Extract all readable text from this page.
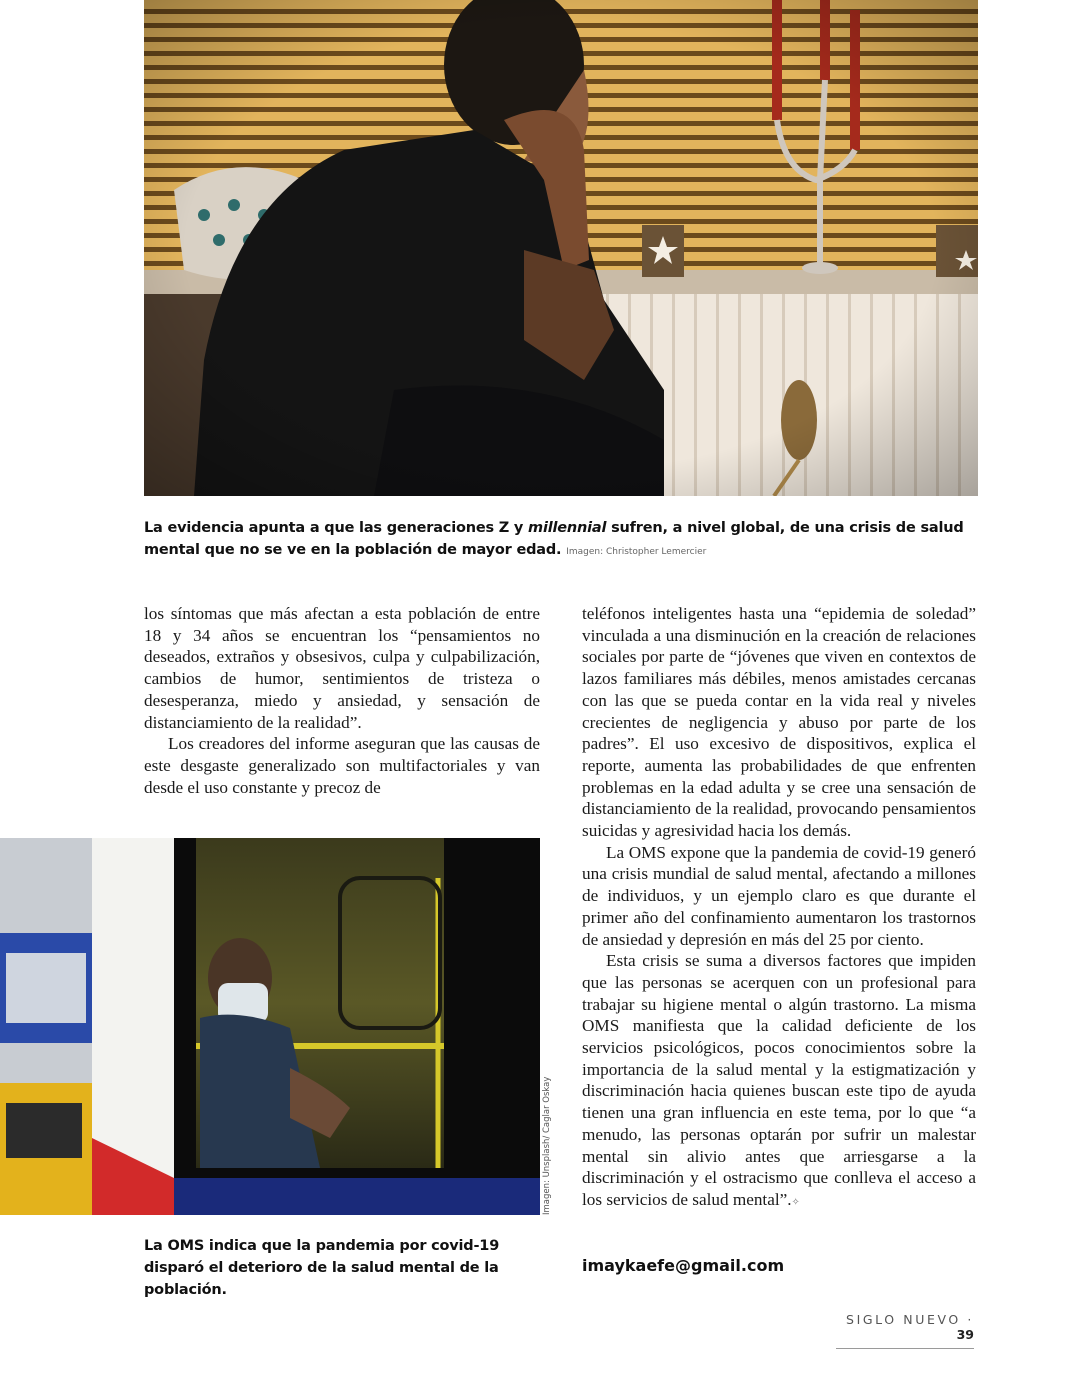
La evidencia apunta a que las generaciones Z y millennial sufren, a nivel global, de una crisis de salud mental que no se ve en la población de mayor edad. Imagen: Christopher Lemercier

los síntomas que más afectan a esta población de entre 18 y 34 años se encuentran los “pensamientos no deseados, extraños y obsesivos, culpa y culpabilización, cambios de humor, sentimientos de tristeza o desesperanza, miedo y ansiedad, y sensación de distanciamiento de la realidad”.

Los creadores del informe aseguran que las causas de este desgaste generalizado son multifactoriales y van desde el uso constante y precoz de

teléfonos inteligentes hasta una “epidemia de soledad” vinculada a una disminución en la creación de relaciones sociales por parte de “jóvenes que viven en contextos de lazos familiares más débiles, menos amistades cercanas con las que se pueda contar en la vida real y niveles crecientes de negligencia y abuso por parte de los padres”. El uso excesivo de dispositivos, explica el reporte, aumenta las probabilidades de que enfrenten problemas en la edad adulta y se cree una sensación de distanciamiento de la realidad, provocando pensamientos suicidas y agresividad hacia los demás.

La OMS expone que la pandemia de covid-19 generó una crisis mundial de salud mental, afectando a millones de individuos, y un ejemplo claro es que durante el primer año del confinamiento aumentaron los trastornos de ansiedad y depresión en más del 25 por ciento.

Esta crisis se suma a diversos factores que impiden que las personas se acerquen con un profesional para trabajar su higiene mental o algún trastorno. La misma OMS manifiesta que la calidad deficiente de los servicios psicológicos, pocos conocimientos sobre la importancia de la salud mental y la estigmatización y discriminación hacia quienes buscan este tipo de ayuda tienen una gran influencia en este tema, por lo que “a menudo, las personas optarán por sufrir un malestar mental sin alivio antes que arriesgarse a la discriminación y el ostracismo que conlleva el acceso a los servicios de salud mental”.✧

Imagen: Unsplash/ Caglar Oskay
La OMS indica que la pandemia por covid-19 disparó el deterioro de la salud mental de la población.
imaykaefe@gmail.com
SIGLO NUEVO · 39
